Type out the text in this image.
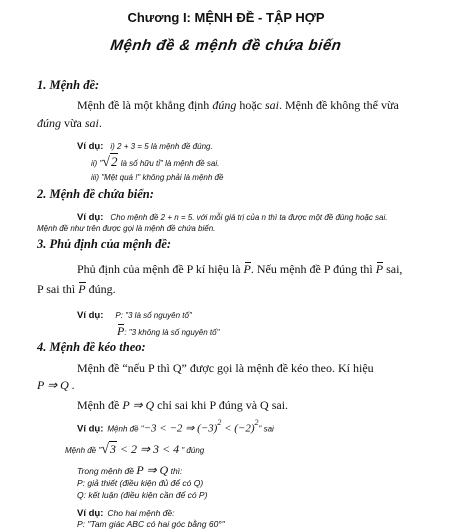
Chương I: MỆNH ĐỀ - TẬP HỢP
Mệnh đề & mệnh đề chứa biến
1. Mệnh đề:
Mệnh đề là một khẳng định đúng hoặc sai. Mệnh đề không thể vừa
đúng vừa sai.
Ví dụ: i) 2 + 3 = 5 là mệnh đề đúng.
ii) "√2 là số hữu tỉ" là mệnh đề sai.
iii) "Mệt quá !" không phải là mệnh đề
2. Mệnh đề chứa biến:
Ví dụ: Cho mệnh đề 2 + n = 5. với mỗi giá trị của n thì ta được một đề đúng hoặc sai.
Mệnh đề như trên được gọi là mệnh đề chứa biến.
3. Phủ định của mệnh đề:
Phủ định của mệnh đề P kí hiệu là P. Nếu mệnh đề P đúng thì P sai,
P sai thì P đúng.
Ví dụ: P: "3 là số nguyên tố"
P: "3 không là số nguyên tố"
4. Mệnh đề kéo theo:
Mệnh đề “nếu P thì Q” được gọi là mệnh đề kéo theo. Kí hiệu
P ⇒ Q .
Mệnh đề P ⇒ Q chỉ sai khi P đúng và Q sai.
Ví dụ: Mệnh đề "−3 < −2 ⇒ $(-3)^2 < (-2)^2$" sai
Mệnh đề "√3 < 2 ⇒ 3 < 4 " đúng
Trong mệnh đề P ⇒ Q thì:
P: giả thiết (điều kiện đủ để có Q)
Q: kết luận (điều kiện cần để có P)
Ví dụ: Cho hai mệnh đề:
P: "Tam giác ABC có hai góc bằng 60°"
